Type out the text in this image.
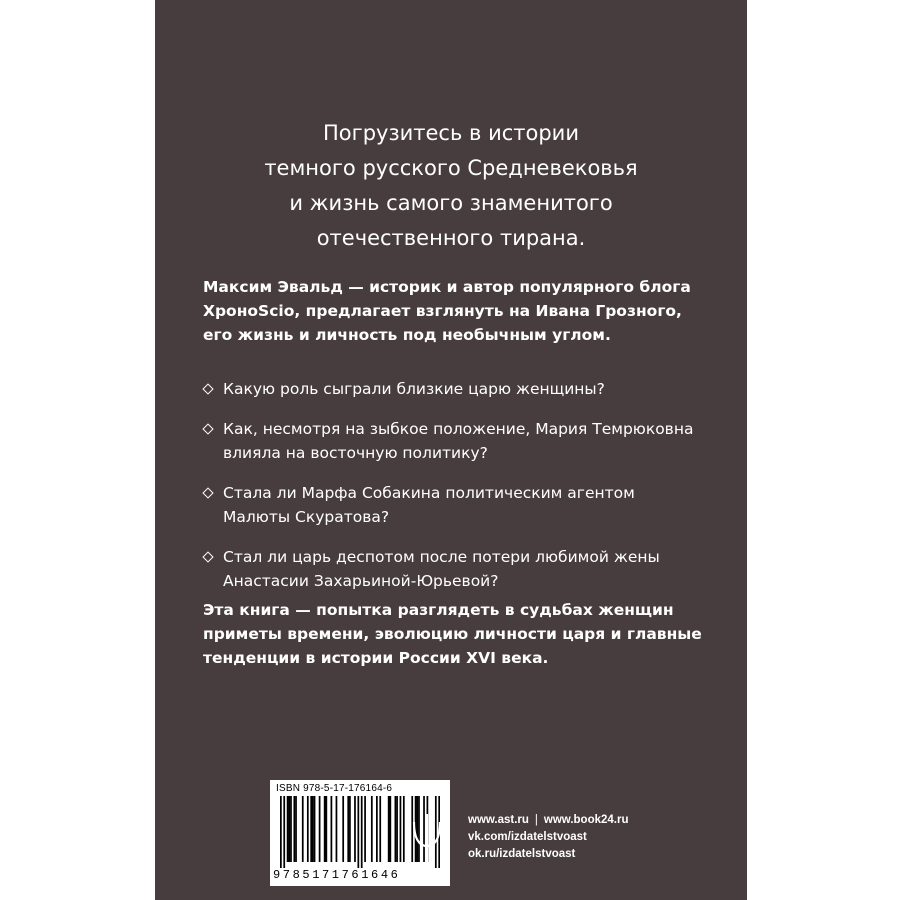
Погрузитесь в истории
темного русского Средневековья
и жизнь самого знаменитого
отечественного тирана.

Максим Эвальд — историк и автор популярного блога
ХроноScio, предлагает взглянуть на Ивана Грозного,
его жизнь и личность под необычным углом.

Какую роль сыграли близкие царю женщины?
Как, несмотря на зыбкое положение, Мария Темрюковна
влияла на восточную политику?
Стала ли Марфа Собакина политическим агентом
Малюты Скуратова?
Стал ли царь деспотом после потери любимой жены
Анастасии Захарьиной-Юрьевой?

Эта книга — попытка разглядеть в судьбах женщин
приметы времени, эволюцию личности царя и главные
тенденции в истории России XVI века.

ISBN 978-5-17-176164-6
9785171761646
www.ast.ru | www.book24.ru
vk.com/izdatelstvoast
ok.ru/izdatelstvoast
